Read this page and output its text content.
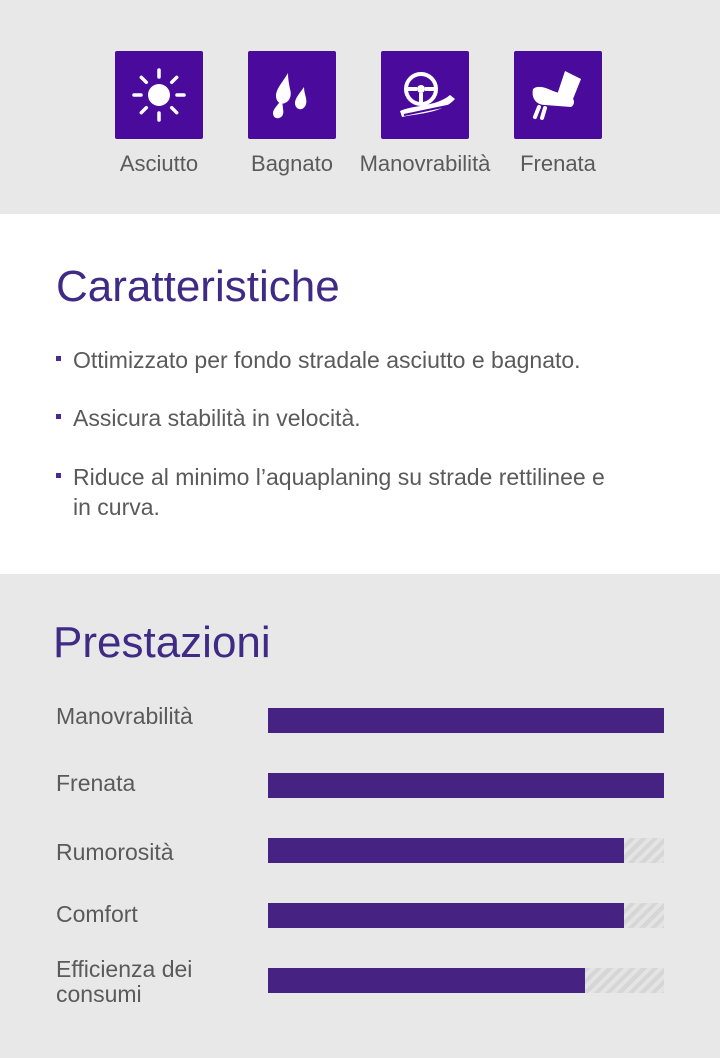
Asciutto	Bagnato	Manovrabilità	Frenata
Caratteristiche
Ottimizzato per fondo stradale asciutto e bagnato.
Assicura stabilità in velocità.
Riduce al minimo l’aquaplaning su strade rettilinee e in curva.
Prestazioni
Manovrabilità
Frenata
Rumorosità
Comfort
Efficienza dei consumi
